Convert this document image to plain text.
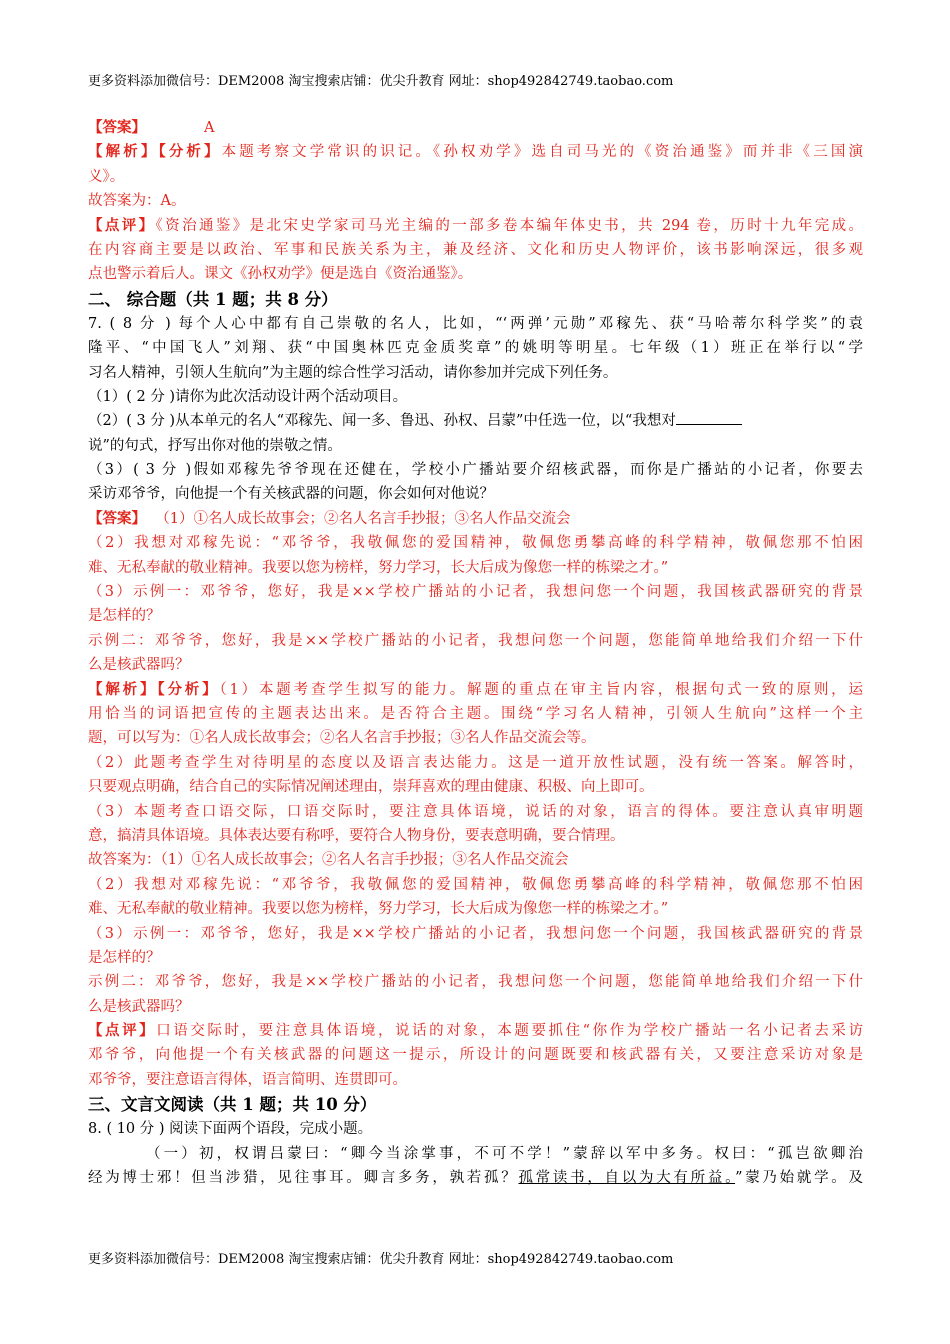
更多资料添加微信号：DEM2008 淘宝搜索店铺：优尖升教育 网址：shop492842749.taobao.com
【答案】	A
【解析】【分析】本题考察文学常识的识记。《孙权劝学》选自司马光的《资治通鉴》而并非《三国演
义》。
故答案为：A。
【点评】《资治通鉴》是北宋史学家司马光主编的一部多卷本编年体史书，共 294 卷，历时十九年完成。
在内容商主要是以政治、军事和民族关系为主，兼及经济、文化和历史人物评价，该书影响深远，很多观
点也警示着后人。课文《孙权劝学》便是选自《资治通鉴》。
二、 综合题（共 1 题；共 8 分）
7. ( 8 分 ) 每个人心中都有自己崇敬的名人，比如，“‘两弹’元勋”邓稼先、获“马哈蒂尔科学奖”的袁
隆平、“中国飞人”刘翔、获“中国奥林匹克金质奖章”的姚明等明星。七年级（1）班正在举行以“学
习名人精神，引领人生航向”为主题的综合性学习活动，请你参加并完成下列任务。
（1）( 2 分 )请你为此次活动设计两个活动项目。
（2）( 3 分 )从本单元的名人“邓稼先、闻一多、鲁迅、孙权、吕蒙”中任选一位，以“我想对
说”的句式，抒写出你对他的崇敬之情。
（3）( 3 分 )假如邓稼先爷爷现在还健在，学校小广播站要介绍核武器，而你是广播站的小记者，你要去
采访邓爷爷，向他提一个有关核武器的问题，你会如何对他说？
【答案】 （1）①名人成长故事会；②名人名言手抄报；③名人作品交流会
（2）我想对邓稼先说：“邓爷爷，我敬佩您的爱国精神，敬佩您勇攀高峰的科学精神，敬佩您那不怕困
难、无私奉献的敬业精神。我要以您为榜样，努力学习，长大后成为像您一样的栋梁之才。”
（3）示例一：邓爷爷，您好，我是××学校广播站的小记者，我想问您一个问题，我国核武器研究的背景
是怎样的？
示例二：邓爷爷，您好，我是××学校广播站的小记者，我想问您一个问题，您能简单地给我们介绍一下什
么是核武器吗？
【解析】【分析】（1）本题考查学生拟写的能力。解题的重点在审主旨内容，根据句式一致的原则，运
用恰当的词语把宣传的主题表达出来。是否符合主题。围绕“学习名人精神，引领人生航向”这样一个主
题，可以写为：①名人成长故事会；②名人名言手抄报；③名人作品交流会等。
（2）此题考查学生对待明星的态度以及语言表达能力。这是一道开放性试题，没有统一答案。解答时，
只要观点明确，结合自己的实际情况阐述理由，崇拜喜欢的理由健康、积极、向上即可。
（3）本题考查口语交际，口语交际时，要注意具体语境，说话的对象，语言的得体。要注意认真审明题
意，搞清具体语境。具体表达要有称呼，要符合人物身份，要表意明确，要合情理。
故答案为：（1）①名人成长故事会；②名人名言手抄报；③名人作品交流会
（2）我想对邓稼先说：“邓爷爷，我敬佩您的爱国精神，敬佩您勇攀高峰的科学精神，敬佩您那不怕困
难、无私奉献的敬业精神。我要以您为榜样，努力学习，长大后成为像您一样的栋梁之才。”
（3）示例一：邓爷爷，您好，我是××学校广播站的小记者，我想问您一个问题，我国核武器研究的背景
是怎样的？
示例二：邓爷爷，您好，我是××学校广播站的小记者，我想问您一个问题，您能简单地给我们介绍一下什
么是核武器吗？
【点评】口语交际时，要注意具体语境，说话的对象，本题要抓住“你作为学校广播站一名小记者去采访
邓爷爷，向他提一个有关核武器的问题这一提示，所设计的问题既要和核武器有关，又要注意采访对象是
邓爷爷，要注意语言得体，语言简明、连贯即可。
三、文言文阅读（共 1 题；共 10 分）
8. ( 10 分 ) 阅读下面两个语段，完成小题。
（一）初，权谓吕蒙曰：“卿今当涂掌事，不可不学！”蒙辞以军中多务。权曰：“孤岂欲卿治
经为博士邪！但当涉猎，见往事耳。卿言多务，孰若孤？孤常读书，自以为大有所益。”蒙乃始就学。及
更多资料添加微信号：DEM2008 淘宝搜索店铺：优尖升教育 网址：shop492842749.taobao.com
